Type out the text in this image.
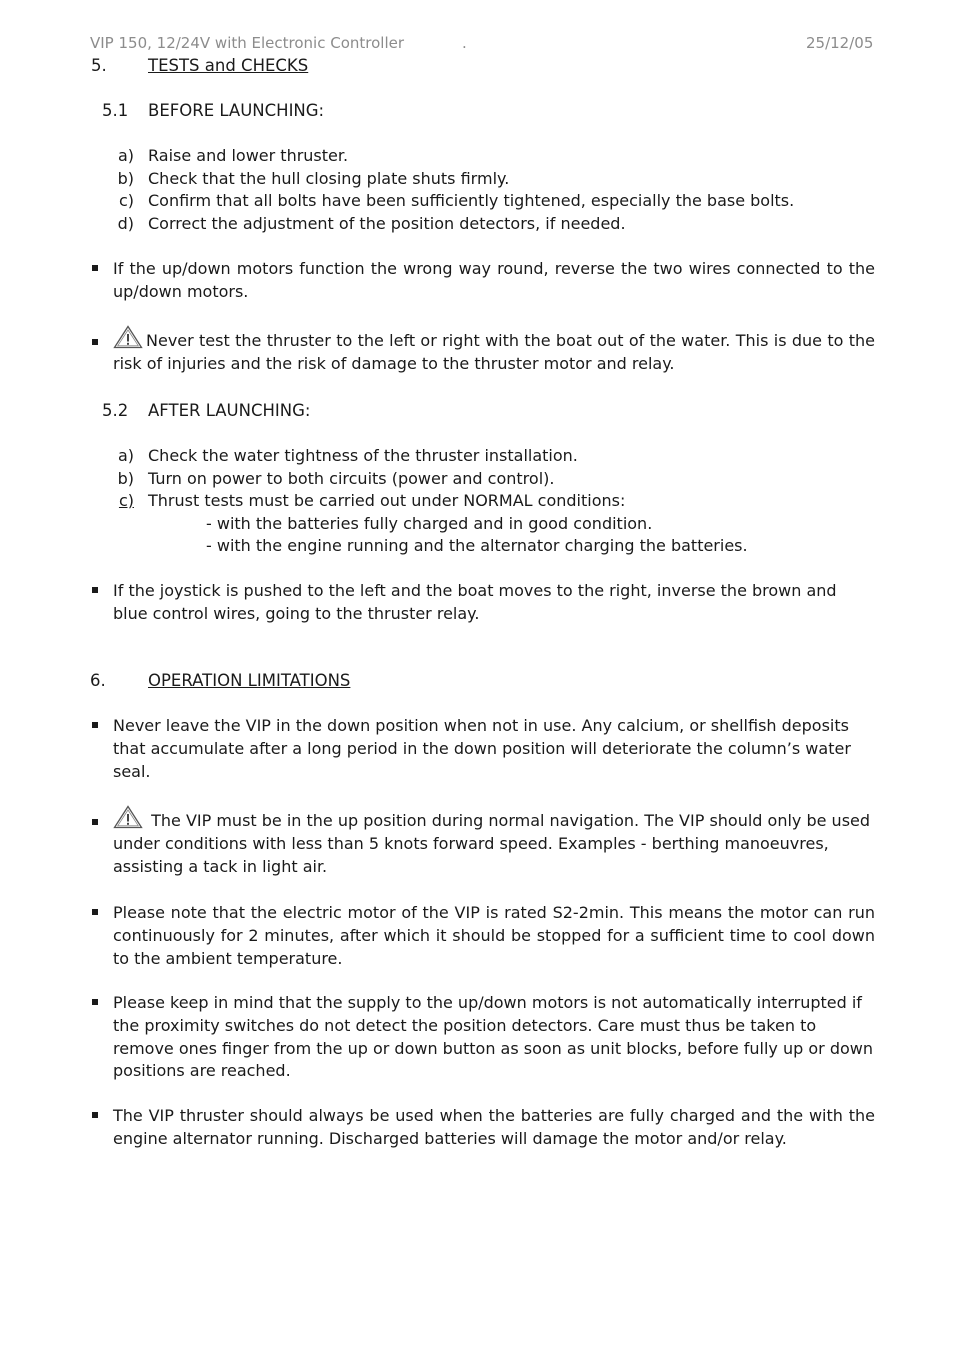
VIP 150, 12/24V with Electronic Controller	.	25/12/05
5.	TESTS and CHECKS
5.1 BEFORE LAUNCHING:
a) Raise and lower thruster.
b) Check that the hull closing plate shuts firmly.
c) Confirm that all bolts have been sufficiently tightened, especially the base bolts.
d) Correct the adjustment of the position detectors, if needed.
If the up/down motors function the wrong way round, reverse the two wires connected to the up/down motors.
Never test the thruster to the left or right with the boat out of the water. This is due to the risk of injuries and the risk of damage to the thruster motor and relay.
5.2 AFTER LAUNCHING:
a) Check the water tightness of the thruster installation.
b) Turn on power to both circuits (power and control).
c) Thrust tests must be carried out under NORMAL conditions:
- with the batteries fully charged and in good condition.
- with the engine running and the alternator charging the batteries.
If the joystick is pushed to the left and the boat moves to the right, inverse the brown and blue control wires, going to the thruster relay.
6.	OPERATION LIMITATIONS
Never leave the VIP in the down position when not in use. Any calcium, or shellfish deposits that accumulate after a long period in the down position will deteriorate the column’s water seal.
The VIP must be in the up position during normal navigation. The VIP should only be used under conditions with less than 5 knots forward speed. Examples - berthing manoeuvres, assisting a tack in light air.
Please note that the electric motor of the VIP is rated S2-2min. This means the motor can run continuously for 2 minutes, after which it should be stopped for a sufficient time to cool down to the ambient temperature.
Please keep in mind that the supply to the up/down motors is not automatically interrupted if the proximity switches do not detect the position detectors. Care must thus be taken to remove ones finger from the up or down button as soon as unit blocks, before fully up or down positions are reached.
The VIP thruster should always be used when the batteries are fully charged and the with the engine alternator running. Discharged batteries will damage the motor and/or relay.
